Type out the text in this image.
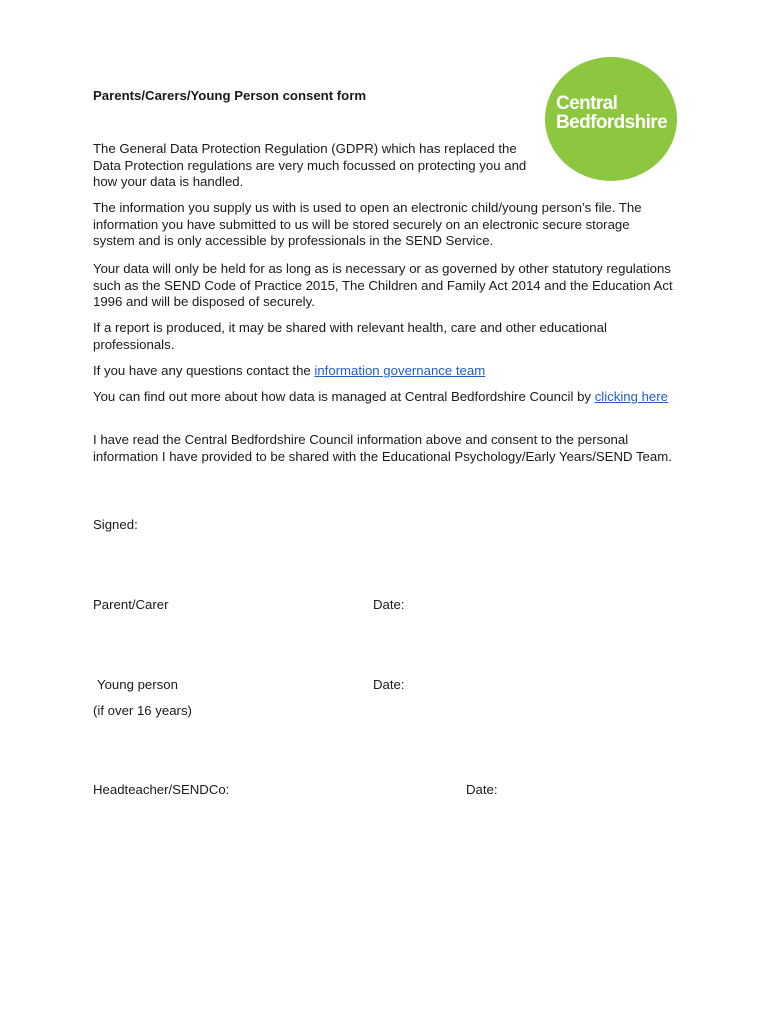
Central
Bedfordshire

Parents/Carers/Young Person consent form

The General Data Protection Regulation (GDPR) which has replaced the Data Protection regulations are very much focussed on protecting you and how your data is handled.

The information you supply us with is used to open an electronic child/young person’s file. The information you have submitted to us will be stored securely on an electronic secure storage system and is only accessible by professionals in the SEND Service.

Your data will only be held for as long as is necessary or as governed by other statutory regulations such as the SEND Code of Practice 2015, The Children and Family Act 2014 and the Education Act 1996 and will be disposed of securely.

If a report is produced, it may be shared with relevant health, care and other educational professionals.

If you have any questions contact the information governance team

You can find out more about how data is managed at Central Bedfordshire Council by clicking here

I have read the Central Bedfordshire Council information above and consent to the personal information I have provided to be shared with the Educational Psychology/Early Years/SEND Team.

Signed:

Parent/Carer	Date:

Young person

(if over 16 years)

Date:

Headteacher/SENDCo:	Date:
